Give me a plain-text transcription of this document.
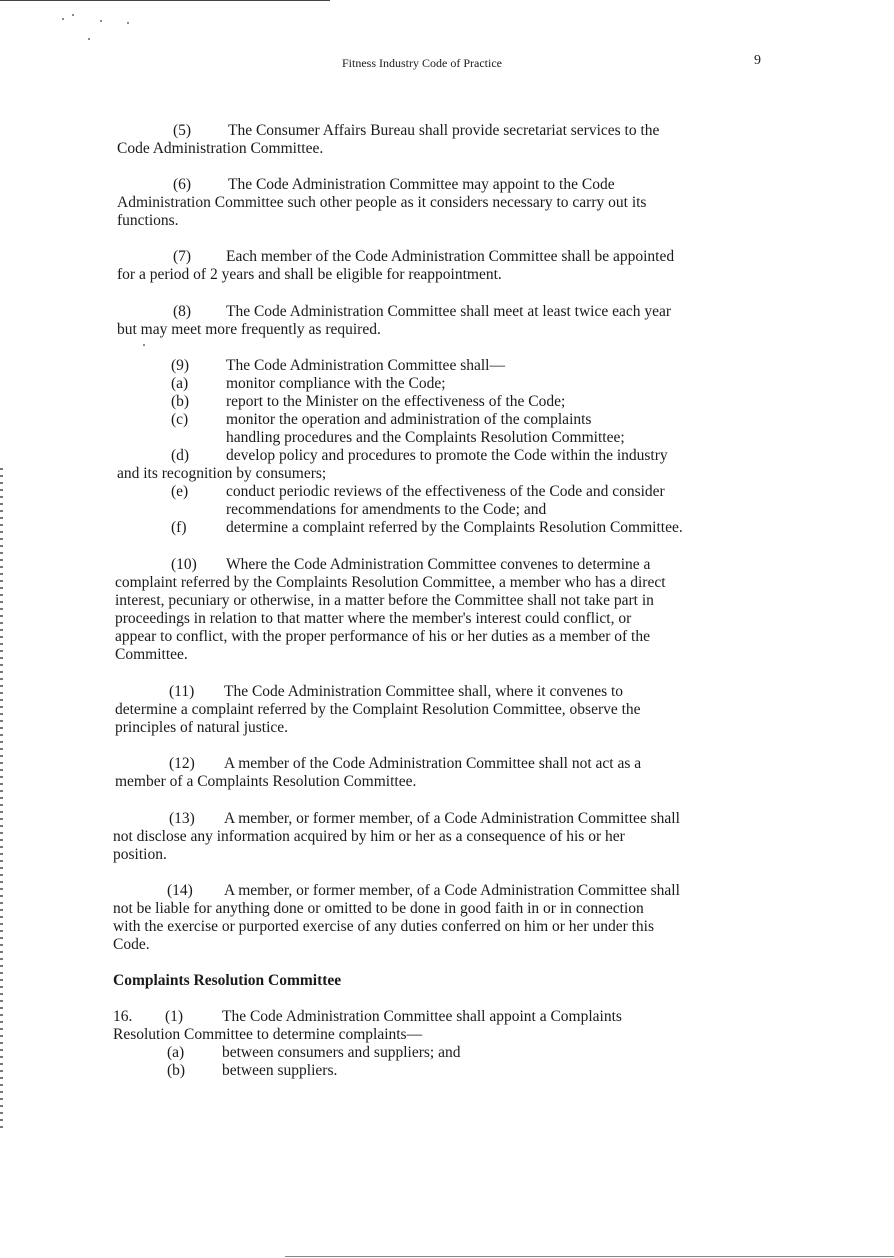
Fitness Industry Code of Practice	9
(5) The Consumer Affairs Bureau shall provide secretariat services to the
Code Administration Committee.
(6) The Code Administration Committee may appoint to the Code
Administration Committee such other people as it considers necessary to carry out its
functions.
(7) Each member of the Code Administration Committee shall be appointed
for a period of 2 years and shall be eligible for reappointment.
(8) The Code Administration Committee shall meet at least twice each year
but may meet more frequently as required.
(9) The Code Administration Committee shall—
(a) monitor compliance with the Code;
(b) report to the Minister on the effectiveness of the Code;
(c) monitor the operation and administration of the complaints
handling procedures and the Complaints Resolution Committee;
(d) develop policy and procedures to promote the Code within the industry
and its recognition by consumers;
(e) conduct periodic reviews of the effectiveness of the Code and consider
recommendations for amendments to the Code; and
(f)	determine a complaint referred by the Complaints Resolution Committee.
(10) Where the Code Administration Committee convenes to determine a
complaint referred by the Complaints Resolution Committee, a member who has a direct
interest, pecuniary or otherwise, in a matter before the Committee shall not take part in
proceedings in relation to that matter where the member's interest could conflict, or
appear to conflict, with the proper performance of his or her duties as a member of the
Committee.
(11) The Code Administration Committee shall, where it convenes to
determine a complaint referred by the Complaint Resolution Committee, observe the
principles of natural justice.
(12) A member of the Code Administration Committee shall not act as a
member of a Complaints Resolution Committee.
(13) A member, or former member, of a Code Administration Committee shall
not disclose any information acquired by him or her as a consequence of his or her
position.
(14) A member, or former member, of a Code Administration Committee shall
not be liable for anything done or omitted to be done in good faith in or in connection
with the exercise or purported exercise of any duties conferred on him or her under this
Code.
Complaints Resolution Committee
16. (1)	The Code Administration Committee shall appoint a Complaints
Resolution Committee to determine complaints—
(a) between consumers and suppliers; and
(b) between suppliers.
